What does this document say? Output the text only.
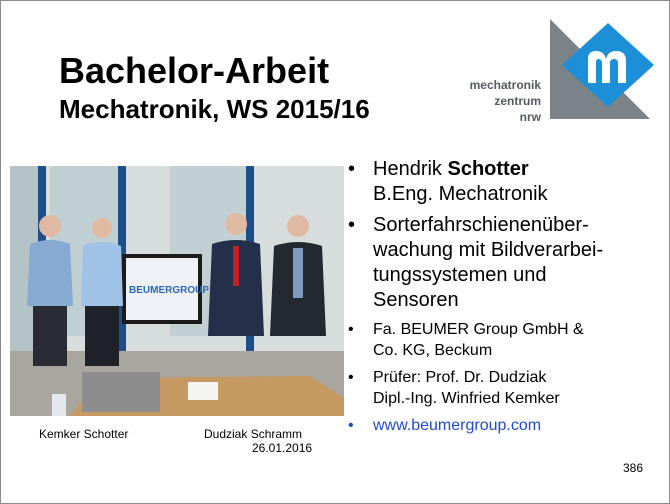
Bachelor-Arbeit
Mechatronik, WS 2015/16
mechatronik
zentrum
nrw
BEUMERGROUP
Kemker Schotter	Dudziak Schramm
26.01.2016
• Hendrik Schotter
B.Eng. Mechatronik
• Sorterfahrschienenüber-
wachung mit Bildverarbei-
tungssystemen und
Sensoren
• Fa. BEUMER Group GmbH &
Co. KG, Beckum
• Prüfer: Prof. Dr. Dudziak
Dipl.-Ing. Winfried Kemker
• www.beumergroup.com
386
